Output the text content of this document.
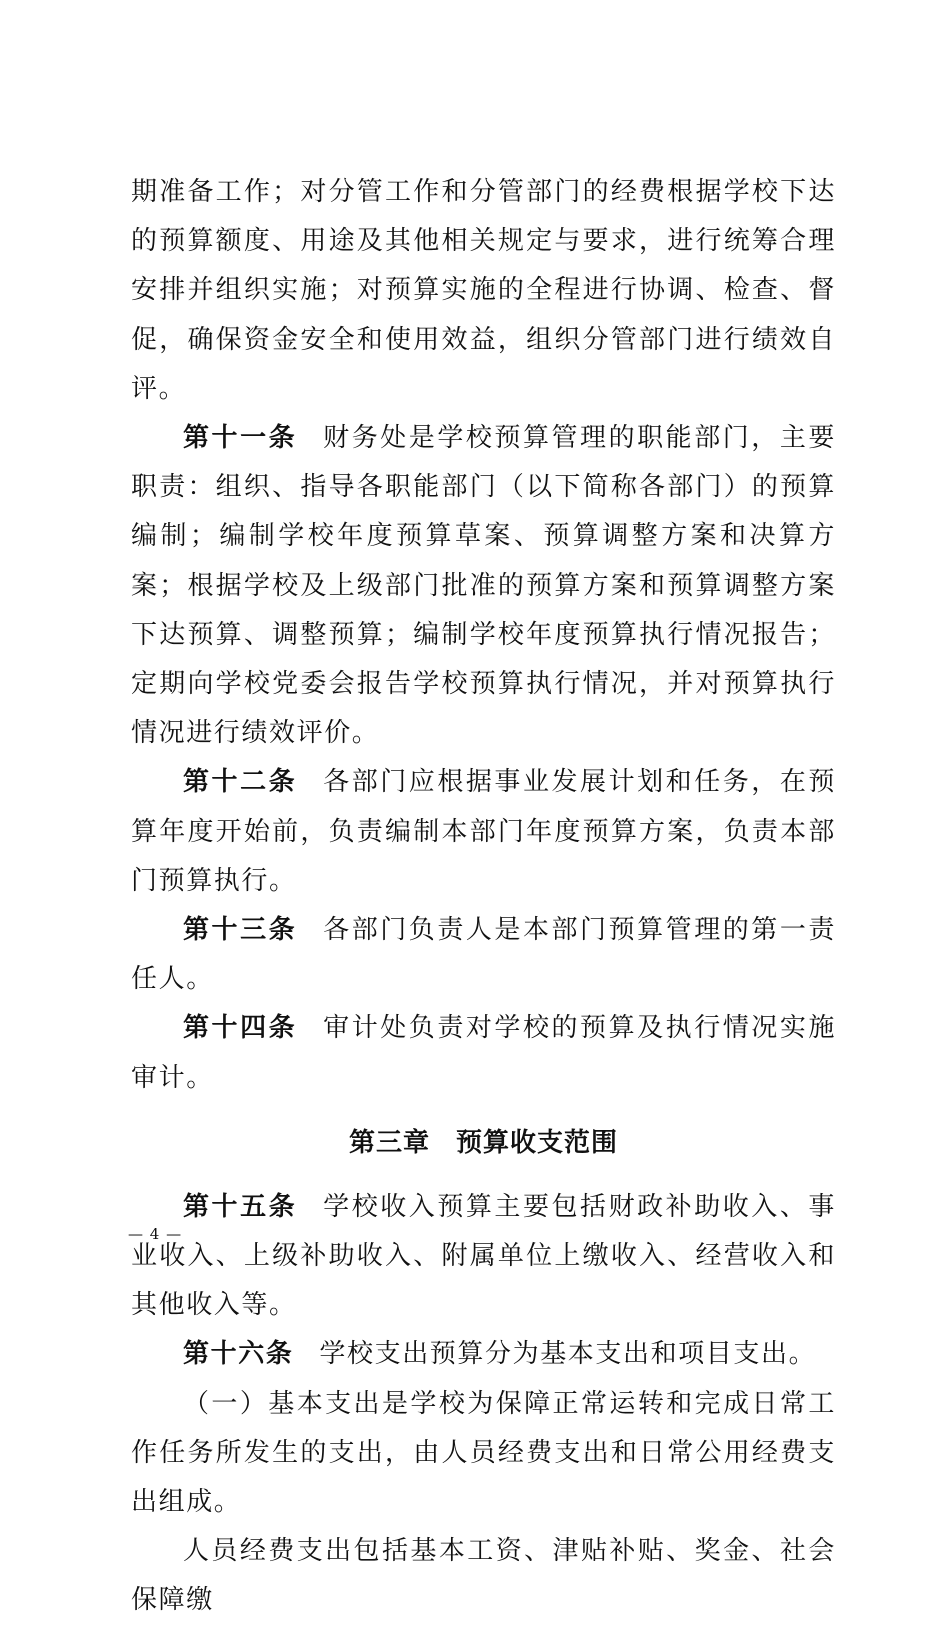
期准备工作；对分管工作和分管部门的经费根据学校下达的预算额度、用途及其他相关规定与要求，进行统筹合理安排并组织实施；对预算实施的全程进行协调、检查、督促，确保资金安全和使用效益，组织分管部门进行绩效自评。

第十一条 财务处是学校预算管理的职能部门，主要职责：组织、指导各职能部门（以下简称各部门）的预算编制；编制学校年度预算草案、预算调整方案和决算方案；根据学校及上级部门批准的预算方案和预算调整方案下达预算、调整预算；编制学校年度预算执行情况报告；定期向学校党委会报告学校预算执行情况，并对预算执行情况进行绩效评价。

第十二条 各部门应根据事业发展计划和任务，在预算年度开始前，负责编制本部门年度预算方案，负责本部门预算执行。

第十三条 各部门负责人是本部门预算管理的第一责任人。

第十四条 审计处负责对学校的预算及执行情况实施审计。

第三章 预算收支范围

第十五条 学校收入预算主要包括财政补助收入、事业收入、上级补助收入、附属单位上缴收入、经营收入和其他收入等。

第十六条 学校支出预算分为基本支出和项目支出。

（一）基本支出是学校为保障正常运转和完成日常工作任务所发生的支出，由人员经费支出和日常公用经费支出组成。

人员经费支出包括基本工资、津贴补贴、奖金、社会保障缴

— 4 —
